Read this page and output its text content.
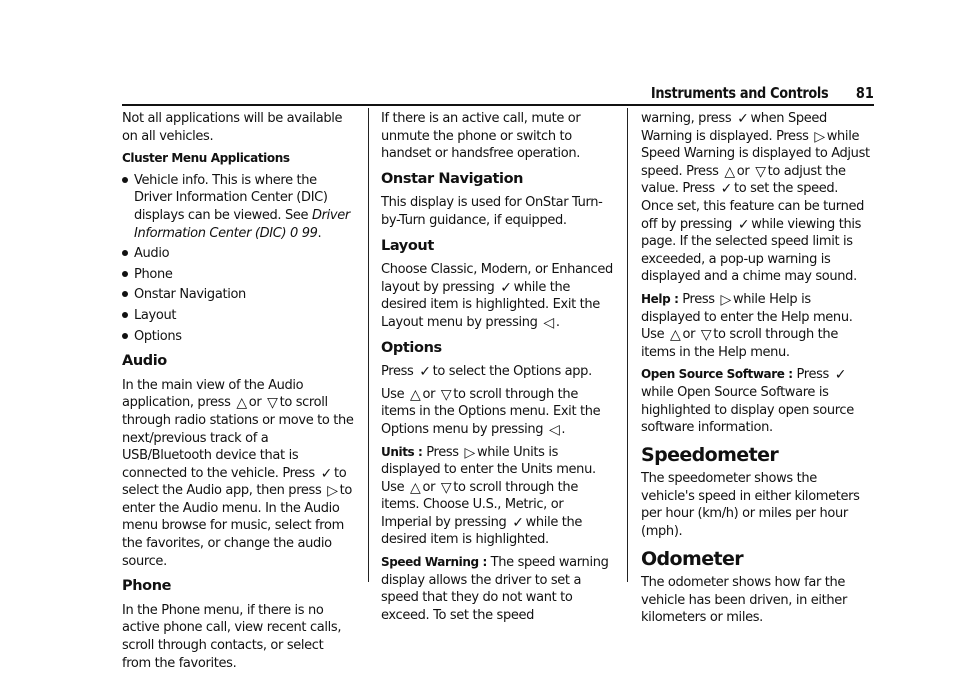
Instruments and Controls 81

Not all applications will be available on all vehicles.

Cluster Menu Applications

Vehicle info. This is where the Driver Information Center (DIC) displays can be viewed. See Driver Information Center (DIC) 0 99.
Audio
Phone
Onstar Navigation
Layout
Options
Audio

In the main view of the Audio application, press △ or ▽ to scroll through radio stations or move to the next/previous track of a USB/Bluetooth device that is connected to the vehicle. Press ✓ to select the Audio app, then press ▷ to enter the Audio menu. In the Audio menu browse for music, select from the favorites, or change the audio source.

Phone

In the Phone menu, if there is no active phone call, view recent calls, scroll through contacts, or select from the favorites.

If there is an active call, mute or unmute the phone or switch to handset or handsfree operation.

Onstar Navigation

This display is used for OnStar Turn-by-Turn guidance, if equipped.

Layout

Choose Classic, Modern, or Enhanced layout by pressing ✓ while the desired item is highlighted. Exit the Layout menu by pressing ◁ .

Options

Press ✓ to select the Options app.

Use △ or ▽ to scroll through the items in the Options menu. Exit the Options menu by pressing ◁ .

Units : Press ▷ while Units is displayed to enter the Units menu. Use △ or ▽ to scroll through the items. Choose U.S., Metric, or Imperial by pressing ✓ while the desired item is highlighted.

Speed Warning : The speed warning display allows the driver to set a speed that they do not want to exceed. To set the speed

warning, press ✓ when Speed Warning is displayed. Press ▷ while Speed Warning is displayed to Adjust speed. Press △ or ▽ to adjust the value. Press ✓ to set the speed. Once set, this feature can be turned off by pressing ✓ while viewing this page. If the selected speed limit is exceeded, a pop-up warning is displayed and a chime may sound.

Help : Press ▷ while Help is displayed to enter the Help menu. Use △ or ▽ to scroll through the items in the Help menu.

Open Source Software : Press ✓while Open Source Software is highlighted to display open source software information.

Speedometer

The speedometer shows the vehicle's speed in either kilometers per hour (km/h) or miles per hour (mph).

Odometer

The odometer shows how far the vehicle has been driven, in either kilometers or miles.
